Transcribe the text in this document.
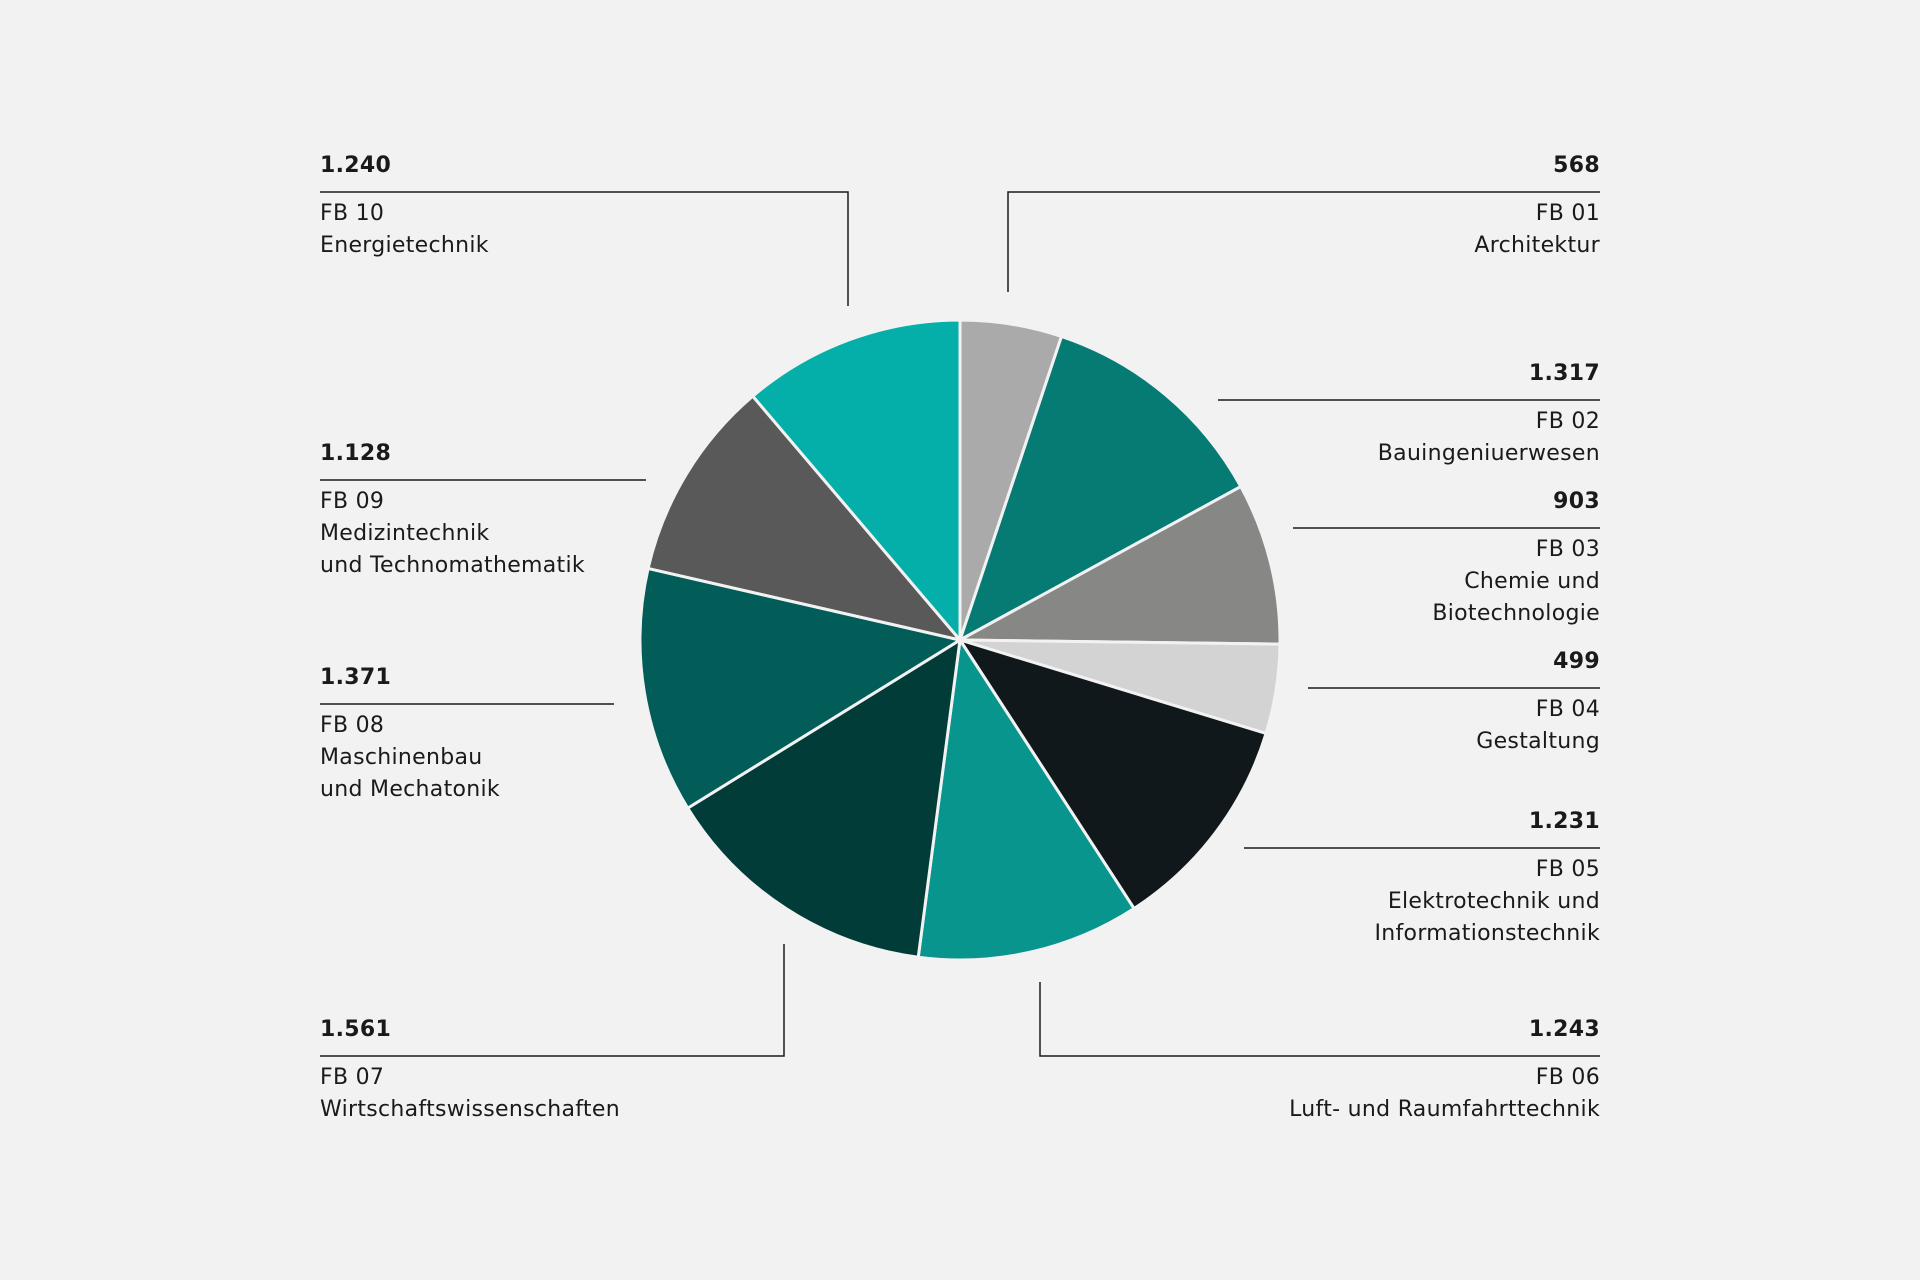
568
FB 01
Architektur
1.317
FB 02
Bauingeniuerwesen
903
FB 03
Chemie und
Biotechnologie
499
FB 04
Gestaltung
1.231
FB 05
Elektrotechnik und
Informationstechnik
1.243
FB 06
Luft- und Raumfahrttechnik
1.561
FB 07
Wirtschaftswissenschaften
1.371
FB 08
Maschinenbau
und Mechatonik
1.128
FB 09
Medizintechnik
und Technomathematik
1.240
FB 10
Energietechnik
